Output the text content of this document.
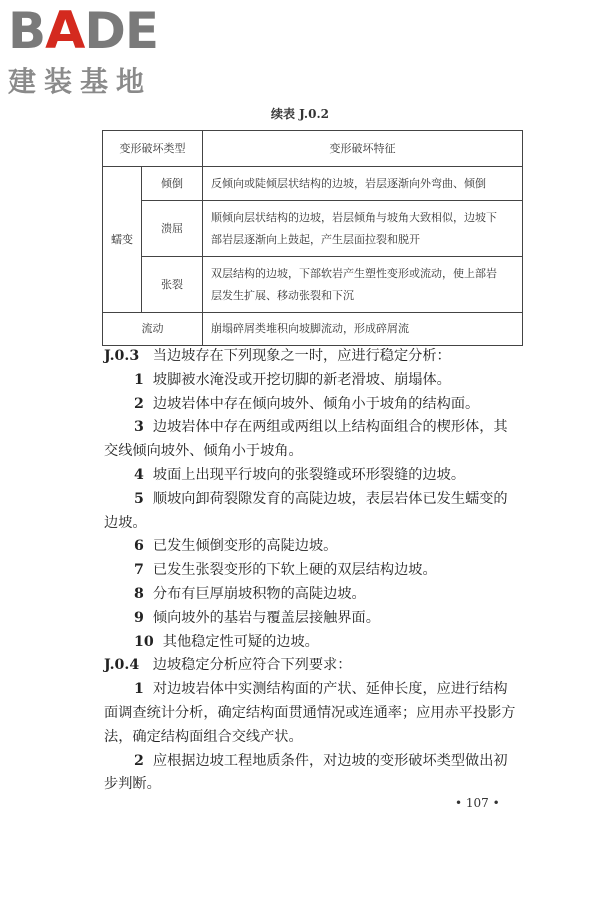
B A DE
建装基地
续表 J.0.2
变形破坏类型		变形破坏特征
蠕变	倾倒	反倾向或陡倾层状结构的边坡，岩层逐渐向外弯曲、倾倒
	溃屈	顺倾向层状结构的边坡，岩层倾角与坡角大致相似，边坡下
部岩层逐渐向上鼓起，产生层面拉裂和脱开
	张裂	双层结构的边坡，下部软岩产生塑性变形或流动，使上部岩
层发生扩展、移动张裂和下沉
流动		崩塌碎屑类堆积向坡脚流动，形成碎屑流

J.0.3 当边坡存在下列现象之一时，应进行稳定分析：

1 坡脚被水淹没或开挖切脚的新老滑坡、崩塌体。

2 边坡岩体中存在倾向坡外、倾角小于坡角的结构面。

3 边坡岩体中存在两组或两组以上结构面组合的楔形体，其
交线倾向坡外、倾角小于坡角。

4 坡面上出现平行坡向的张裂缝或环形裂缝的边坡。

5 顺坡向卸荷裂隙发育的高陡边坡，表层岩体已发生蠕变的
边坡。

6 已发生倾倒变形的高陡边坡。

7 已发生张裂变形的下软上硬的双层结构边坡。

8 分布有巨厚崩坡积物的高陡边坡。

9 倾向坡外的基岩与覆盖层接触界面。

10 其他稳定性可疑的边坡。

J.0.4 边坡稳定分析应符合下列要求：

1 对边坡岩体中实测结构面的产状、延伸长度，应进行结构
面调查统计分析，确定结构面贯通情况或连通率；应用赤平投影方
法，确定结构面组合交线产状。

2 应根据边坡工程地质条件，对边坡的变形破坏类型做出初
步判断。

• 107 •
